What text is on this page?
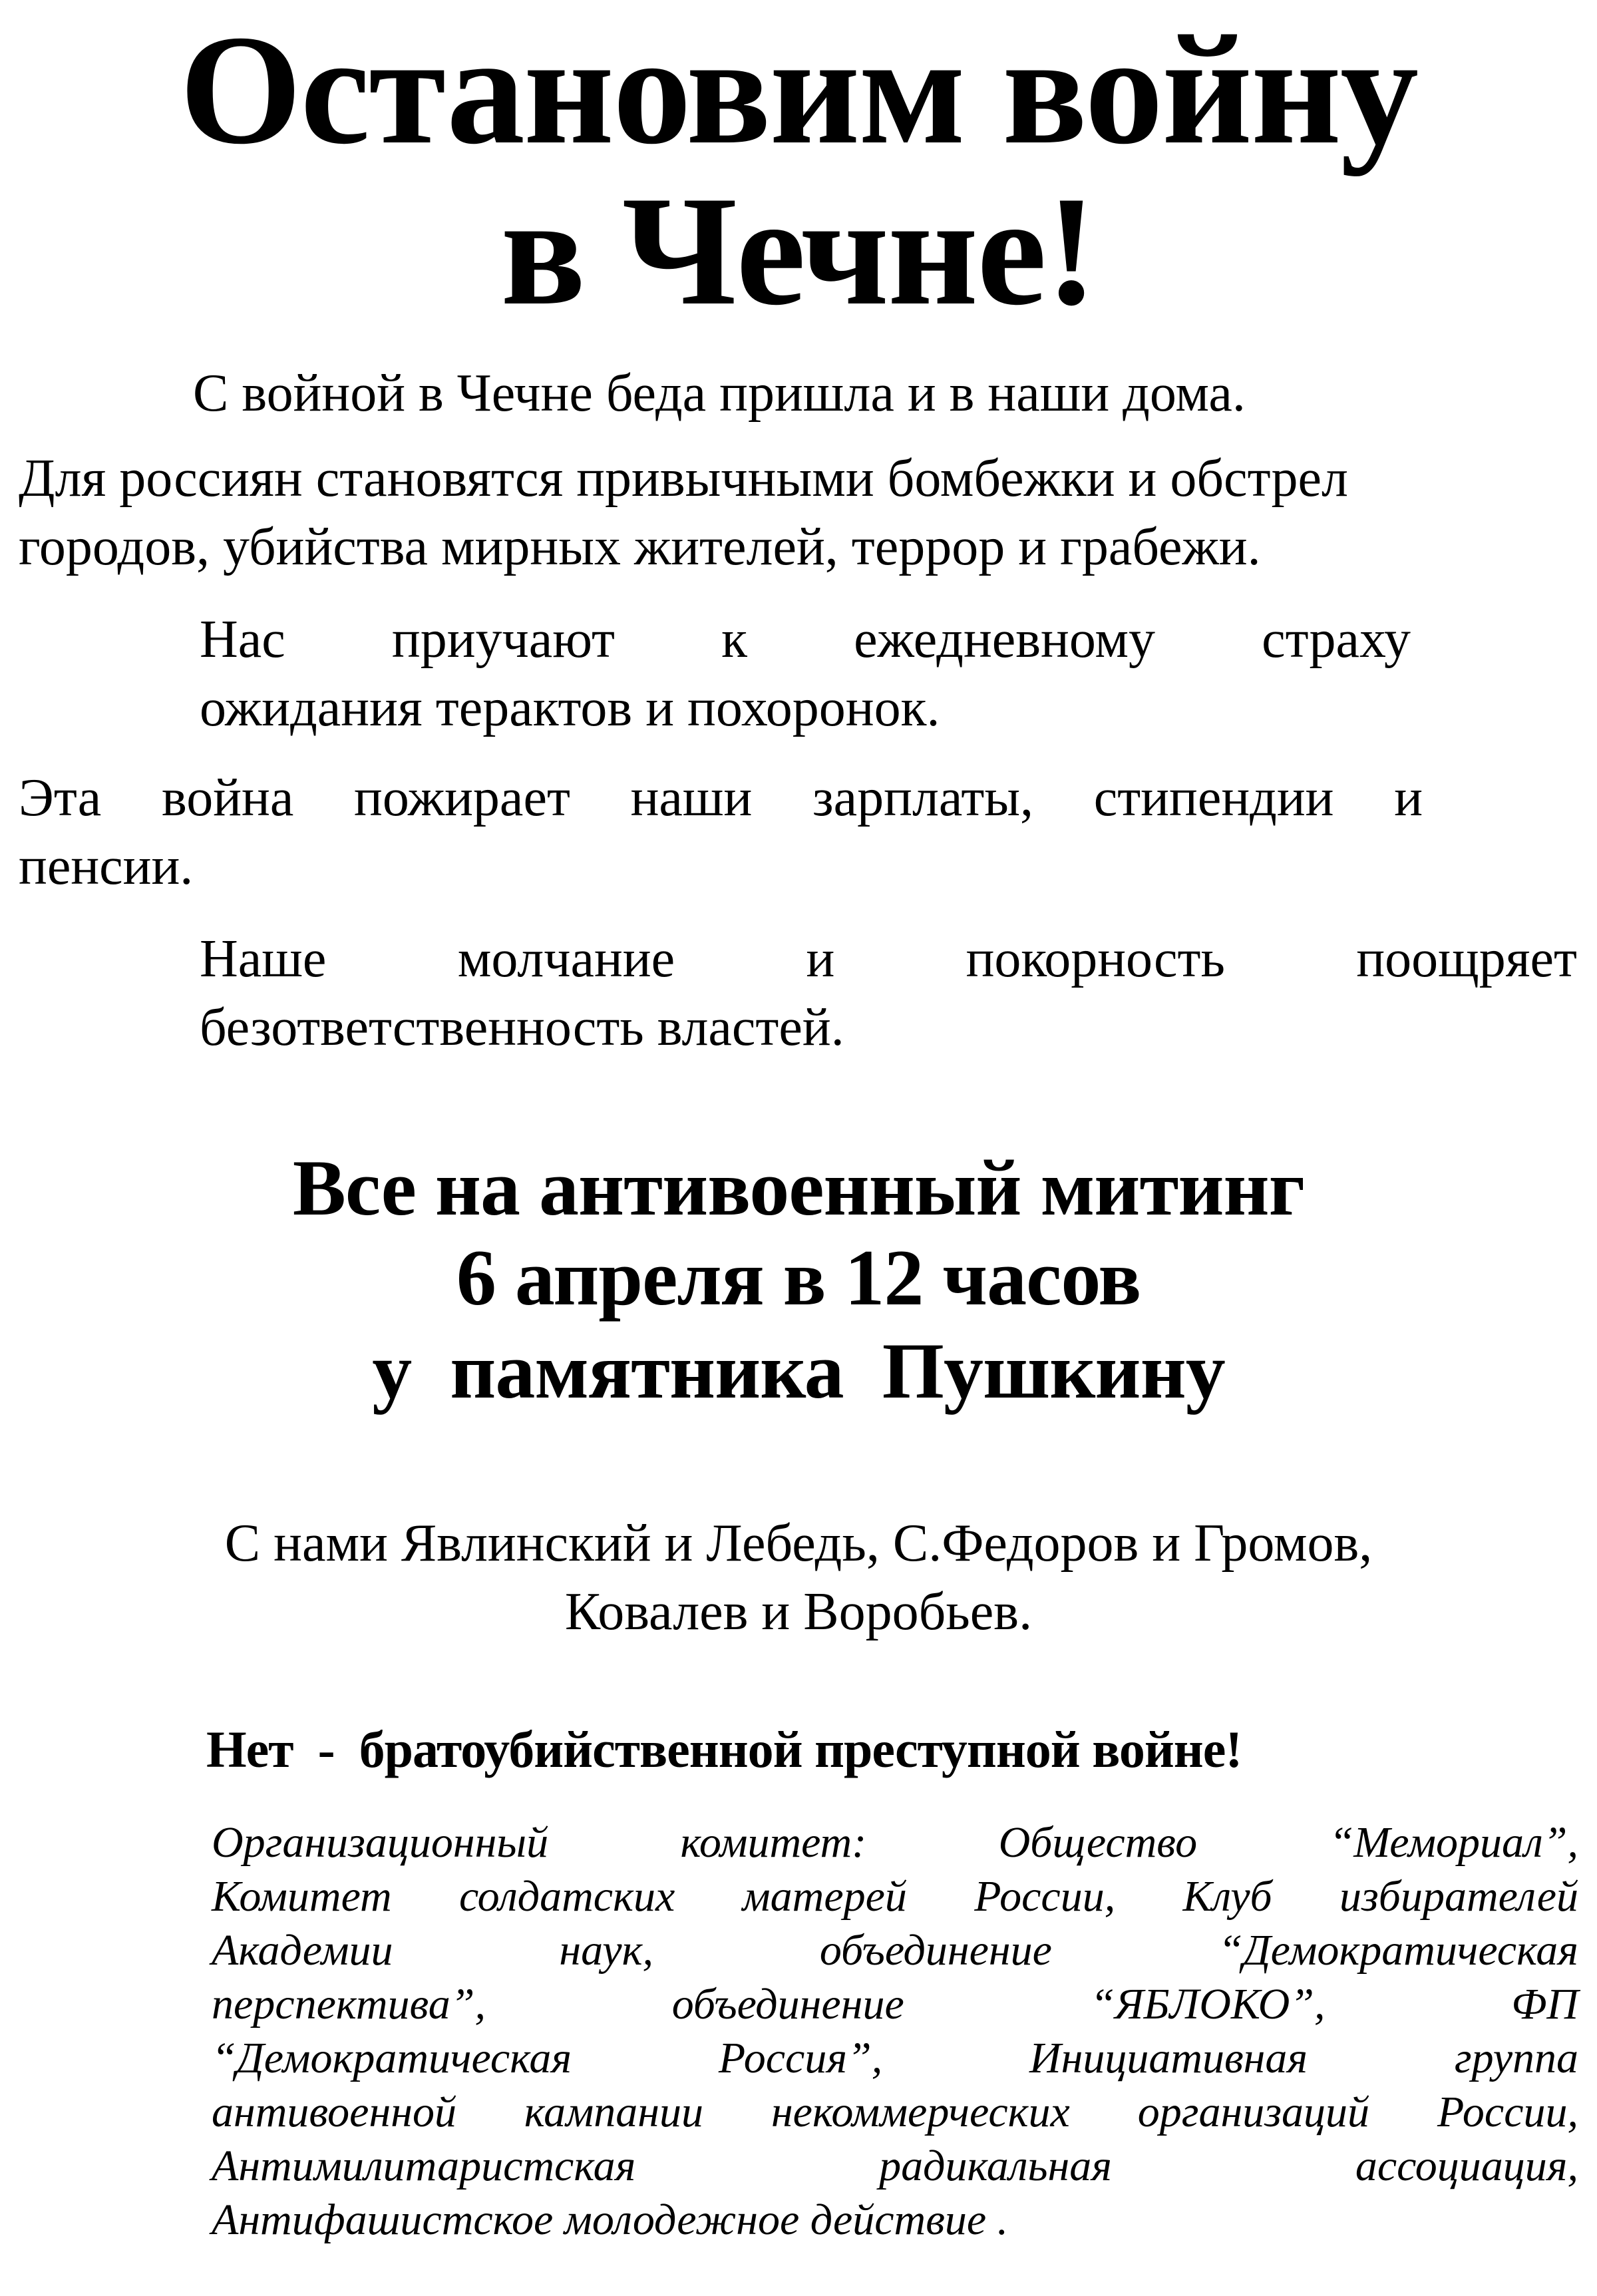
Остановим войну
в Чечне!
С войной в Чечне беда пришла и в наши дома.
Для россиян становятся привычными бомбежки и обстрел
городов, убийства мирных жителей, террор и грабежи.
Нас приучают к ежедневному страху
ожидания терактов и похоронок.
Эта война пожирает наши зарплаты, стипендии и
пенсии.
Наше молчание и покорность поощряет
безответственность властей.
Все на антивоенный митинг
6 апреля в 12 часов
у  памятника  Пушкину
С нами Явлинский и Лебедь, С.Федоров и Громов,
Ковалев и Воробьев.
Нет  -  братоубийственной преступной войне!
Организационный комитет: Общество “Мемориал”,
Комитет солдатских матерей России, Клуб избирателей
Академии наук, объединение “Демократическая
перспектива”, объединение “ЯБЛОКО”, ФП
“Демократическая Россия”, Инициативная группа
антивоенной кампании некоммерческих организаций России,
Антимилитаристская радикальная ассоциация,
Антифашистское молодежное действие .
